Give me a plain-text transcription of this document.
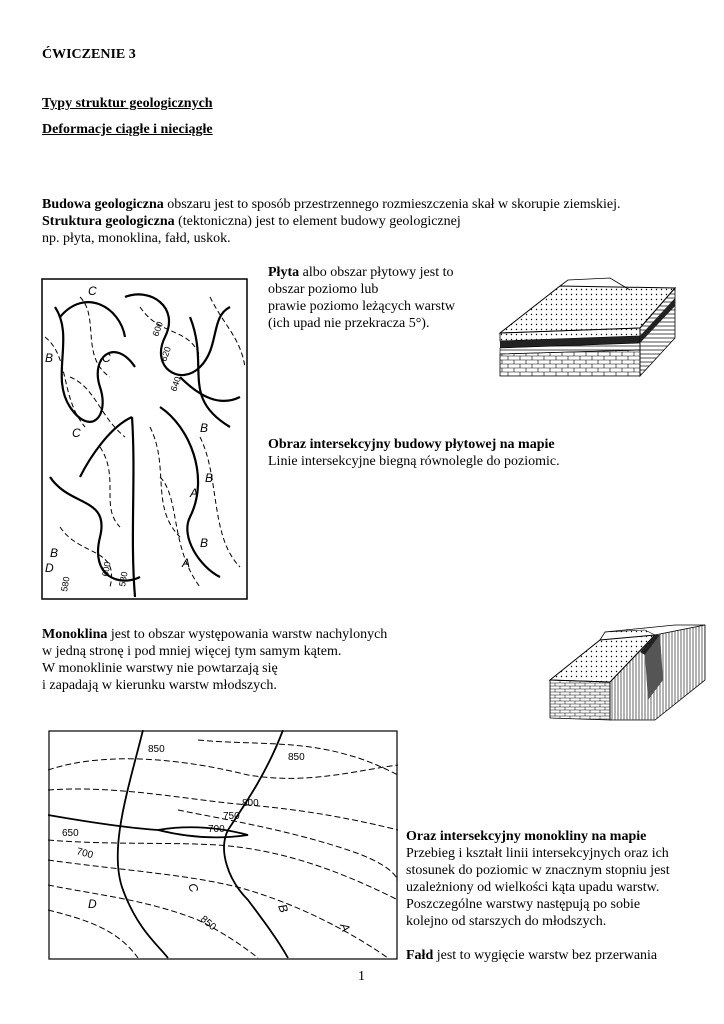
ĆWICZENIE 3
Typy struktur geologicznych
Deformacje ciągłe i nieciągłe
Budowa geologiczna obszaru jest to sposób przestrzennego rozmieszczenia skał w skorupie ziemskiej.
Struktura geologiczna (tektoniczna) jest to element budowy geologicznej
np. płyta, monoklina, fałd, uskok.
Płyta albo obszar płytowy jest to
obszar poziomo lub
prawie poziomo leżących warstw
(ich upad nie przekracza 5°).
C
C
C
B
B
B
B
B
A
A
D
600
620
640
600
580	580
Obraz intersekcyjny budowy płytowej na mapie
Linie intersekcyjne biegną równolegle do poziomic.
Monoklina jest to obszar występowania warstw nachylonych
w jedną stronę i pod mniej więcej tym samym kątem.
W monoklinie warstwy nie powtarzają się
i zapadają w kierunku warstw młodszych.
850
850
800
750
700
700
650
850
C
B
A
D
Oraz intersekcyjny monokliny na mapie
Przebieg i kształt linii intersekcyjnych oraz ich
stosunek do poziomic w znacznym stopniu jest
uzależniony od wielkości kąta upadu warstw.
Poszczególne warstwy następują po sobie
kolejno od starszych do młodszych.
Fałd jest to wygięcie warstw bez przerwania
1
